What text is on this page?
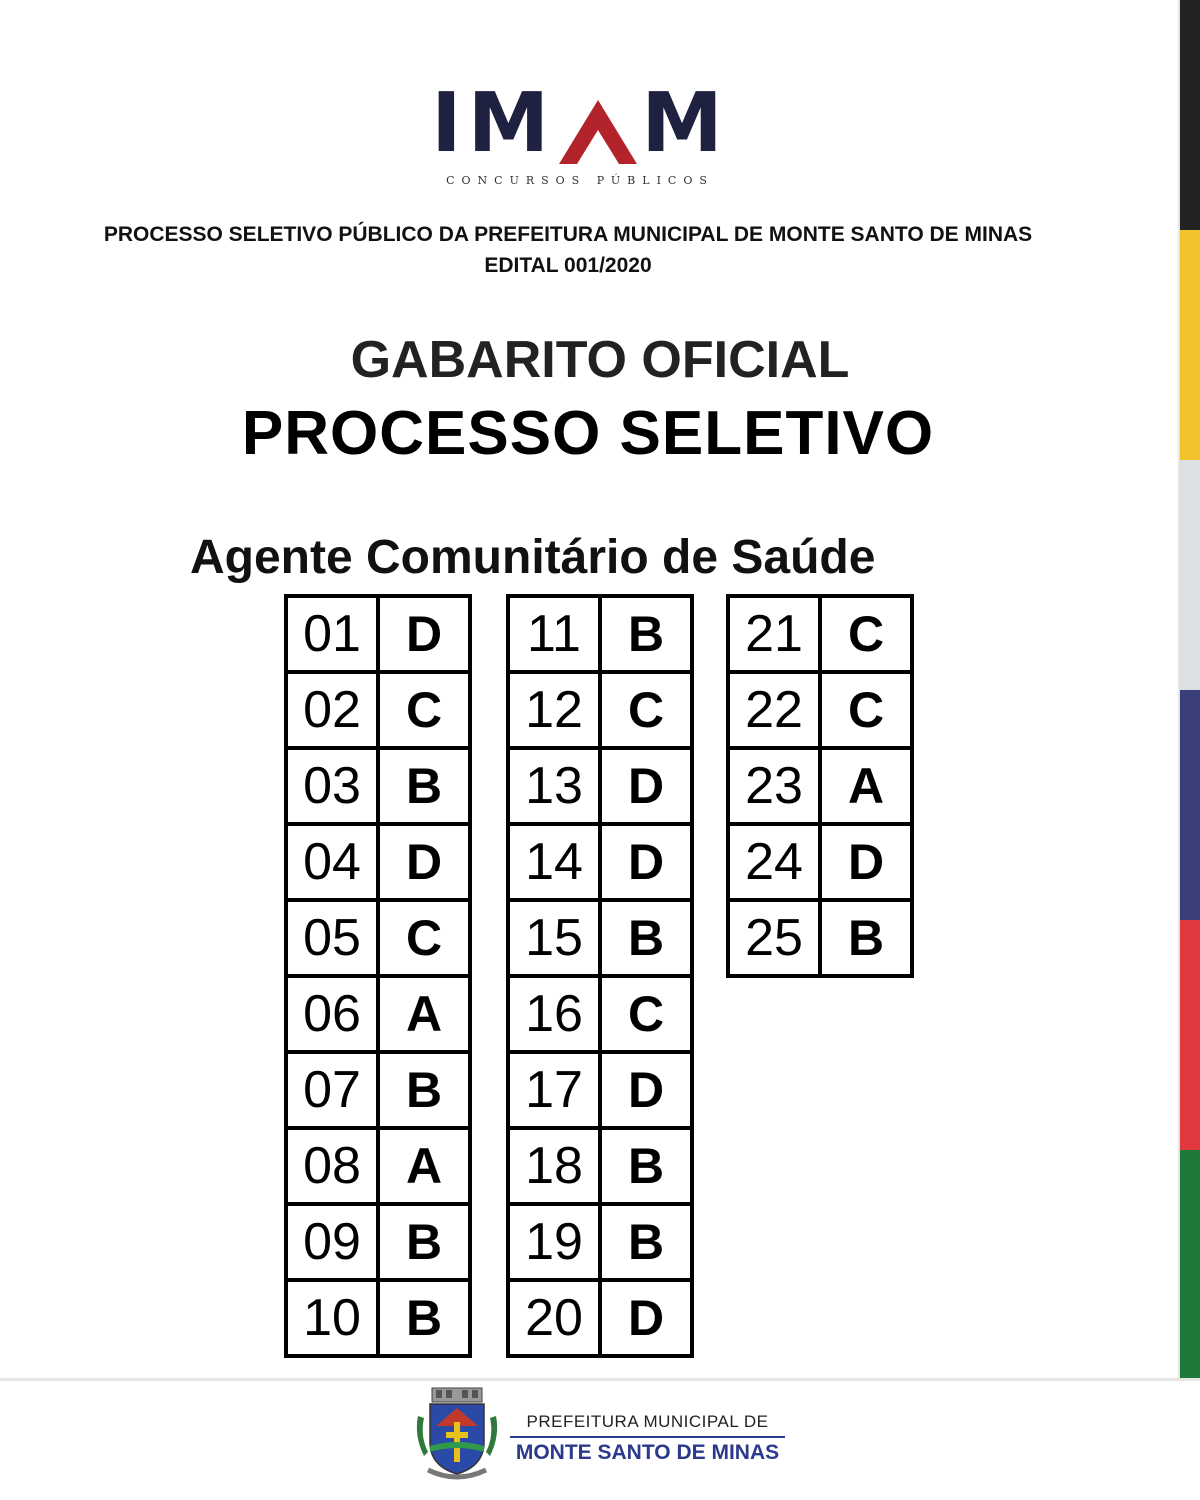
IM M
CONCURSOS PÚBLICOS
PROCESSO SELETIVO PÚBLICO DA PREFEITURA MUNICIPAL DE MONTE SANTO DE MINAS
EDITAL 001/2020
GABARITO OFICIAL
PROCESSO SELETIVO
Agente Comunitário de Saúde
01 D
02 C
03 B
04 D
05 C
06 A
07 B
08 A
09 B
10 B
11 B
12 C
13 D
14 D
15 B
16 C
17 D
18 B
19 B
20 D
21 C
22 C
23 A
24 D
25 B
PREFEITURA MUNICIPAL DE
MONTE SANTO DE MINAS
